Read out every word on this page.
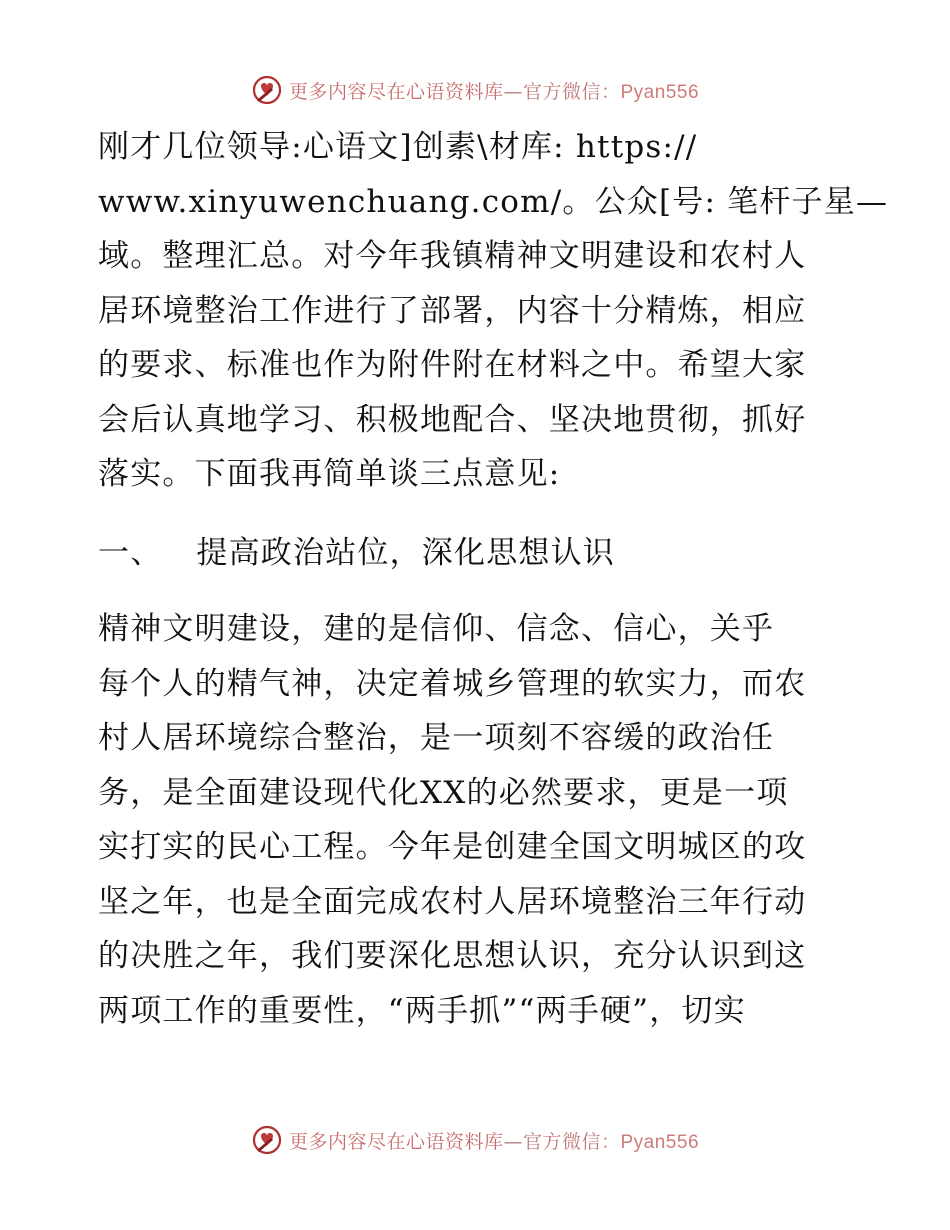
更多内容尽在心语资料库—官方微信：Pyan556
刚才几位领导:心语文]创素\材库: https://
www.xinyuwenchuang.com/。公众[号: 笔杆子星—
域。整理汇总。对今年我镇精神文明建设和农村人
居环境整治工作进行了部署，内容十分精炼，相应
的要求、标准也作为附件附在材料之中。希望大家
会后认真地学习、积极地配合、坚决地贯彻，抓好
落实。下面我再简单谈三点意见:
一、 提高政治站位，深化思想认识
精神文明建设，建的是信仰、信念、信心，关乎
每个人的精气神，决定着城乡管理的软实力，而农
村人居环境综合整治，是一项刻不容缓的政治任
务，是全面建设现代化XX的必然要求，更是一项
实打实的民心工程。今年是创建全国文明城区的攻
坚之年，也是全面完成农村人居环境整治三年行动
的决胜之年，我们要深化思想认识，充分认识到这
两项工作的重要性，“两手抓”“两手硬”，切实
更多内容尽在心语资料库—官方微信：Pyan556
